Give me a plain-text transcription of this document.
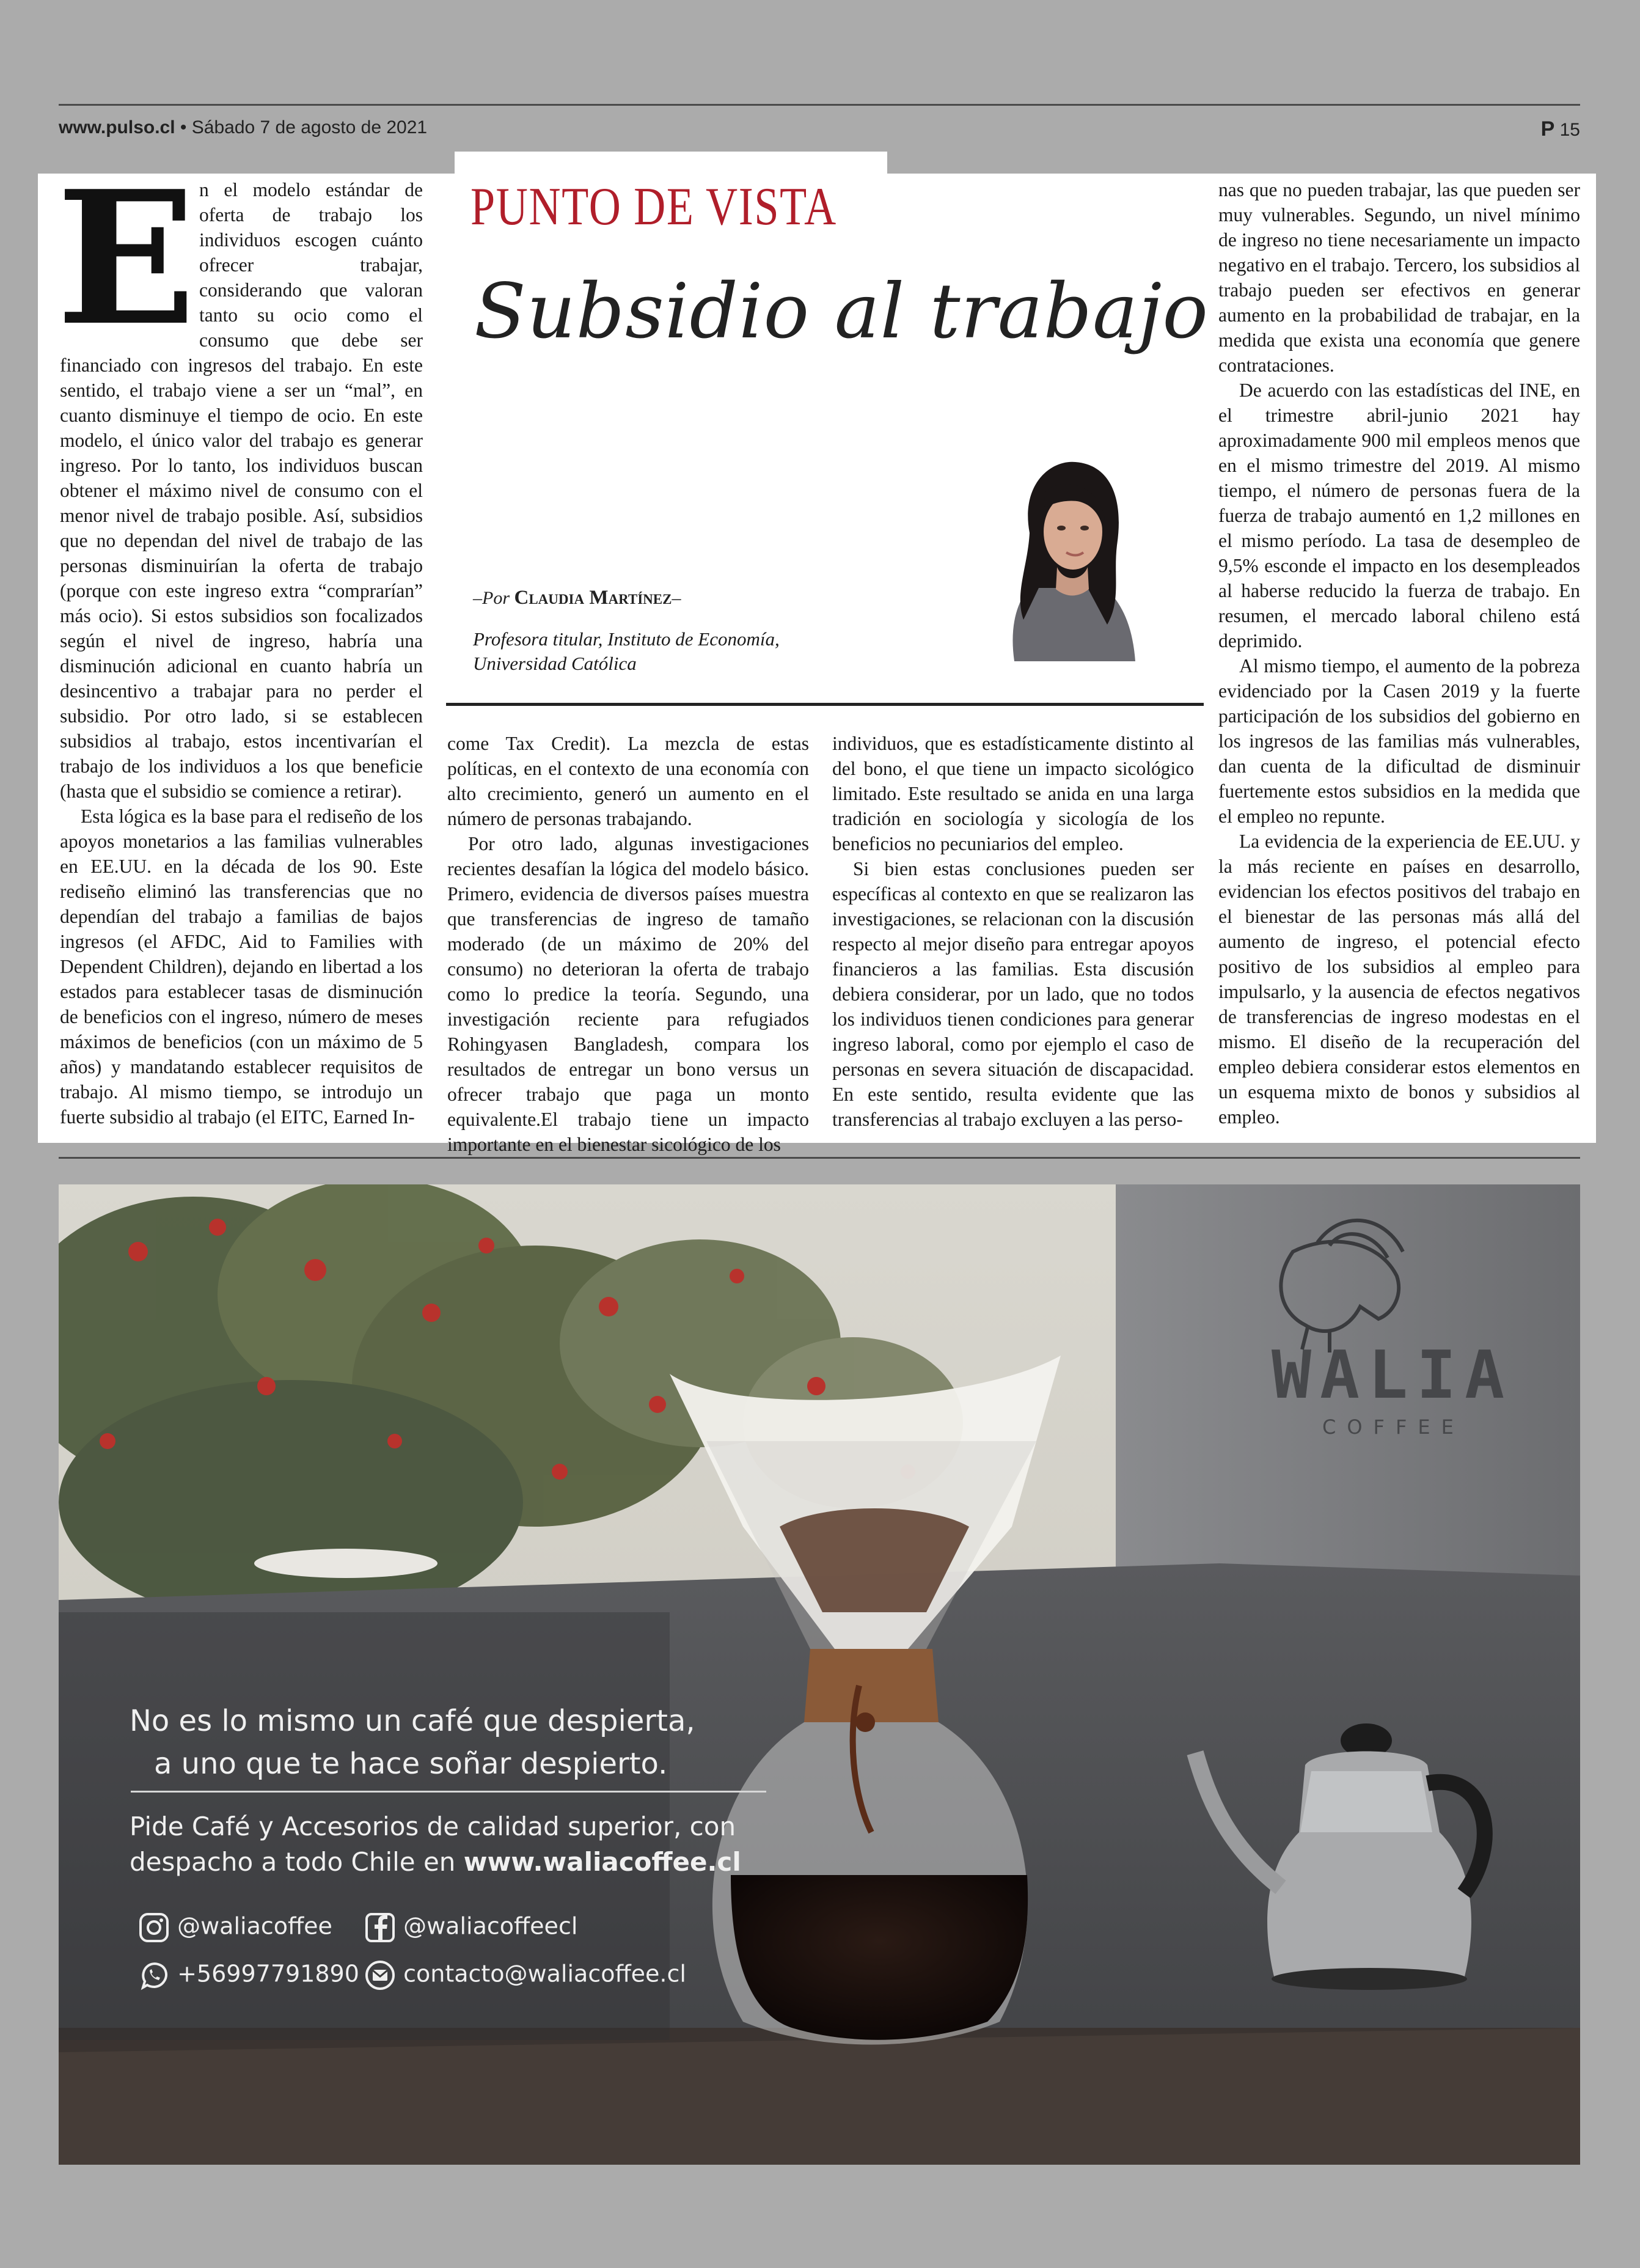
www.pulso.cl • Sábado 7 de agosto de 2021	P 15
E n el modelo estándar de oferta de trabajo los individuos escogen cuánto ofrecer trabajar, considerando que valoran tanto su ocio como el consumo que debe ser financiado con ingresos del trabajo. En este sentido, el trabajo viene a ser un “mal”, en cuanto disminuye el tiempo de ocio. En este modelo, el único valor del trabajo es generar ingreso. Por lo tanto, los individuos buscan obtener el máximo nivel de consumo con el menor nivel de trabajo posible. Así, subsidios que no dependan del nivel de trabajo de las personas disminuirían la oferta de trabajo (porque con este ingreso extra “comprarían” más ocio). Si estos subsidios son focalizados según el nivel de ingreso, habría una disminución adicional en cuanto habría un desincentivo a trabajar para no perder el subsidio. Por otro lado, si se establecen subsidios al trabajo, estos incentivarían el trabajo de los individuos a los que beneficie (hasta que el subsidio se comience a retirar).

Esta lógica es la base para el rediseño de los apoyos monetarios a las familias vulnerables en EE.UU. en la década de los 90. Este rediseño eliminó las transferencias que no dependían del trabajo a familias de bajos ingresos (el AFDC, Aid to Families with Dependent Children), dejando en libertad a los estados para establecer tasas de disminución de beneficios con el ingreso, número de meses máximos de beneficios (con un máximo de 5 años) y mandatando establecer requisitos de trabajo. Al mismo tiempo, se introdujo un fuerte subsidio al trabajo (el EITC, Earned In-

PUNTO DE VISTA
Subsidio al trabajo
–Por Claudia Martínez–
Profesora titular, Instituto de Economía, Universidad Católica

come Tax Credit). La mezcla de estas políticas, en el contexto de una economía con alto crecimiento, generó un aumento en el número de personas trabajando.

Por otro lado, algunas investigaciones recientes desafían la lógica del modelo básico. Primero, evidencia de diversos países muestra que transferencias de ingreso de tamaño moderado (de un máximo de 20% del consumo) no deterioran la oferta de trabajo como lo predice la teoría. Segundo, una investigación reciente para refugiados Rohingyasen Bangladesh, compara los resultados de entregar un bono versus un ofrecer trabajo que paga un monto equivalente.El trabajo tiene un impacto importante en el bienestar sicológico de los

individuos, que es estadísticamente distinto al del bono, el que tiene un impacto sicológico limitado. Este resultado se anida en una larga tradición en sociología y sicología de los beneficios no pecuniarios del empleo.

Si bien estas conclusiones pueden ser específicas al contexto en que se realizaron las investigaciones, se relacionan con la discusión respecto al mejor diseño para entregar apoyos financieros a las familias. Esta discusión debiera considerar, por un lado, que no todos los individuos tienen condiciones para generar ingreso laboral, como por ejemplo el caso de personas en severa situación de discapacidad. En este sentido, resulta evidente que las transferencias al trabajo excluyen a las perso-

nas que no pueden trabajar, las que pueden ser muy vulnerables. Segundo, un nivel mínimo de ingreso no tiene necesariamente un impacto negativo en el trabajo. Tercero, los subsidios al trabajo pueden ser efectivos en generar aumento en la probabilidad de trabajar, en la medida que exista una economía que genere contrataciones.

De acuerdo con las estadísticas del INE, en el trimestre abril-junio 2021 hay aproximadamente 900 mil empleos menos que en el mismo trimestre del 2019. Al mismo tiempo, el número de personas fuera de la fuerza de trabajo aumentó en 1,2 millones en el mismo período. La tasa de desempleo de 9,5% esconde el impacto en los desempleados al haberse reducido la fuerza de trabajo. En resumen, el mercado laboral chileno está deprimido.

Al mismo tiempo, el aumento de la pobreza evidenciado por la Casen 2019 y la fuerte participación de los subsidios del gobierno en los ingresos de las familias más vulnerables, dan cuenta de la dificultad de disminuir fuertemente estos subsidios en la medida que el empleo no repunte.

La evidencia de la experiencia de EE.UU. y la más reciente en países en desarrollo, evidencian los efectos positivos del trabajo en el bienestar de las personas más allá del aumento de ingreso, el potencial efecto positivo de los subsidios al empleo para impulsarlo, y la ausencia de efectos negativos de transferencias de ingreso modestas en el mismo. El diseño de la recuperación del empleo debiera considerar estos elementos en un esquema mixto de bonos y subsidios al empleo.

WALIA
COFFEE
No es lo mismo un café que despierta,
a uno que te hace soñar despierto.
Pide Café y Accesorios de calidad superior, con
despacho a todo Chile en www.waliacoffee.cl
@waliacoffee	@waliacoffeecl
+56997791890	contacto@waliacoffee.cl
